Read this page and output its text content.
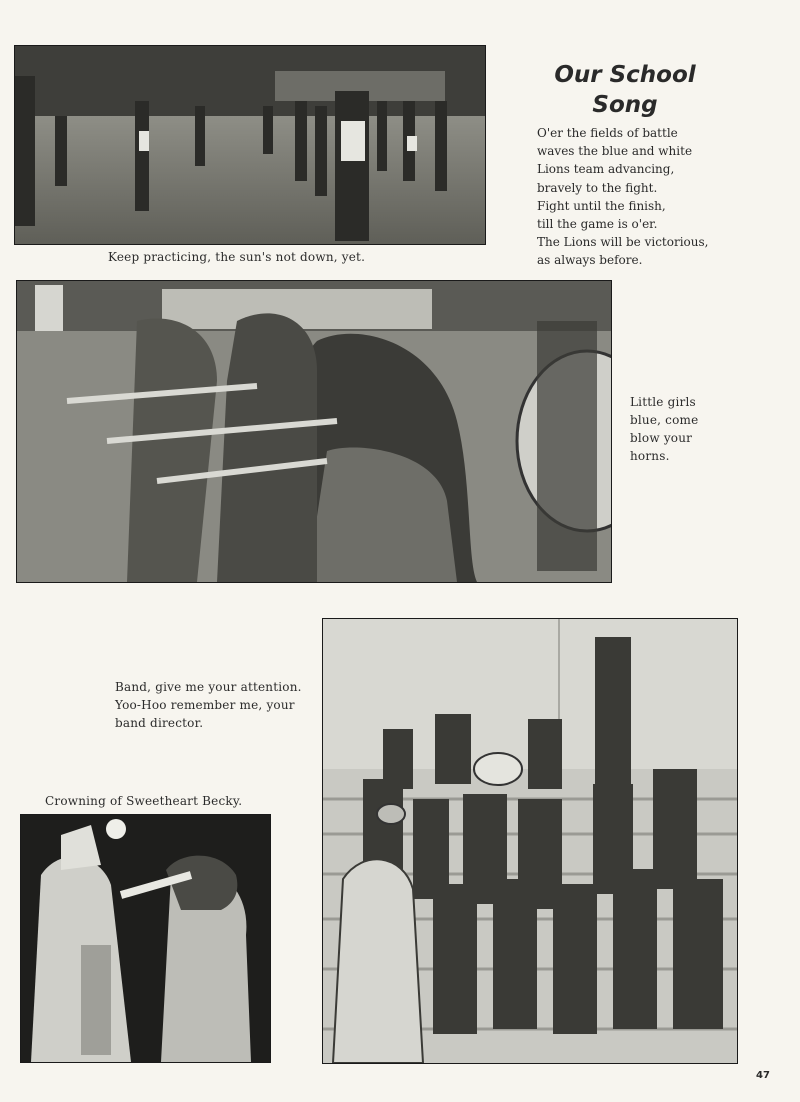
Keep practicing, the sun's not down, yet.
Our School
Song
O'er the fields of battle
waves the blue and white
Lions team advancing,
bravely to the fight.
Fight until the finish,
till the game is o'er.
The Lions will be victorious,
as always before.
Little girls
blue, come
blow your
horns.
Band, give me your attention.
Yoo-Hoo remember me, your
band director.
Crowning of Sweetheart Becky.
47
